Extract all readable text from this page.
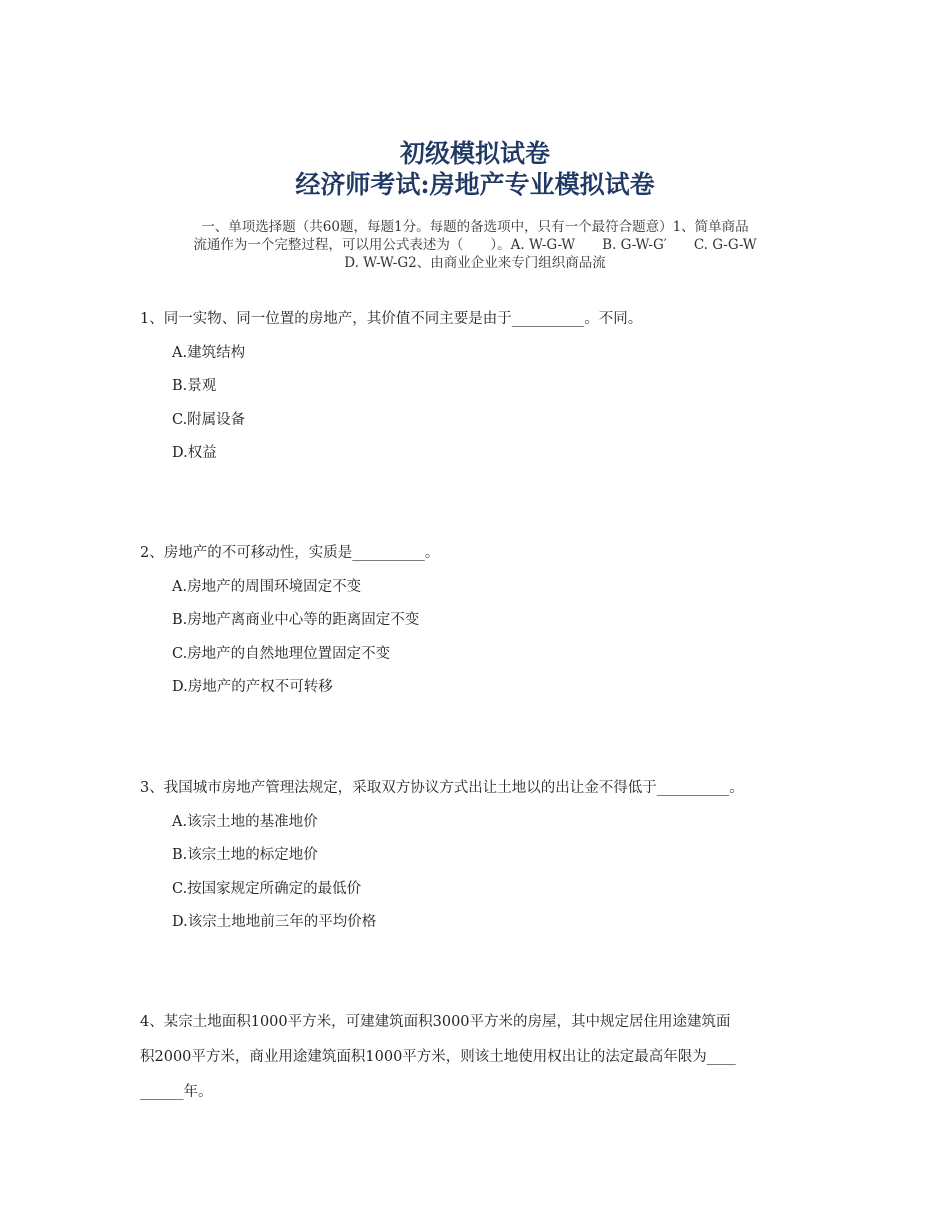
初级模拟试卷

经济师考试:房地产专业模拟试卷

一、单项选择题（共60题，每题1分。每题的备选项中，只有一个最符合题意）1、简单商品
流通作为一个完整过程，可以用公式表述为（　　）。A. W-G-W　　B. G-W-G′　　C. G-G-W
D. W-W-G2、由商业企业来专门组织商品流

1、同一实物、同一位置的房地产，其价值不同主要是由于__________。不同。

A.建筑结构

B.景观

C.附属设备

D.权益

2、房地产的不可移动性，实质是__________。

A.房地产的周围环境固定不变

B.房地产离商业中心等的距离固定不变

C.房地产的自然地理位置固定不变

D.房地产的产权不可转移

3、我国城市房地产管理法规定，采取双方协议方式出让土地以的出让金不得低于__________。

A.该宗土地的基准地价

B.该宗土地的标定地价

C.按国家规定所确定的最低价

D.该宗土地地前三年的平均价格

4、某宗土地面积1000平方米，可建建筑面积3000平方米的房屋，其中规定居住用途建筑面
积2000平方米，商业用途建筑面积1000平方米，则该土地使用权出让的法定最高年限为____
______年。
